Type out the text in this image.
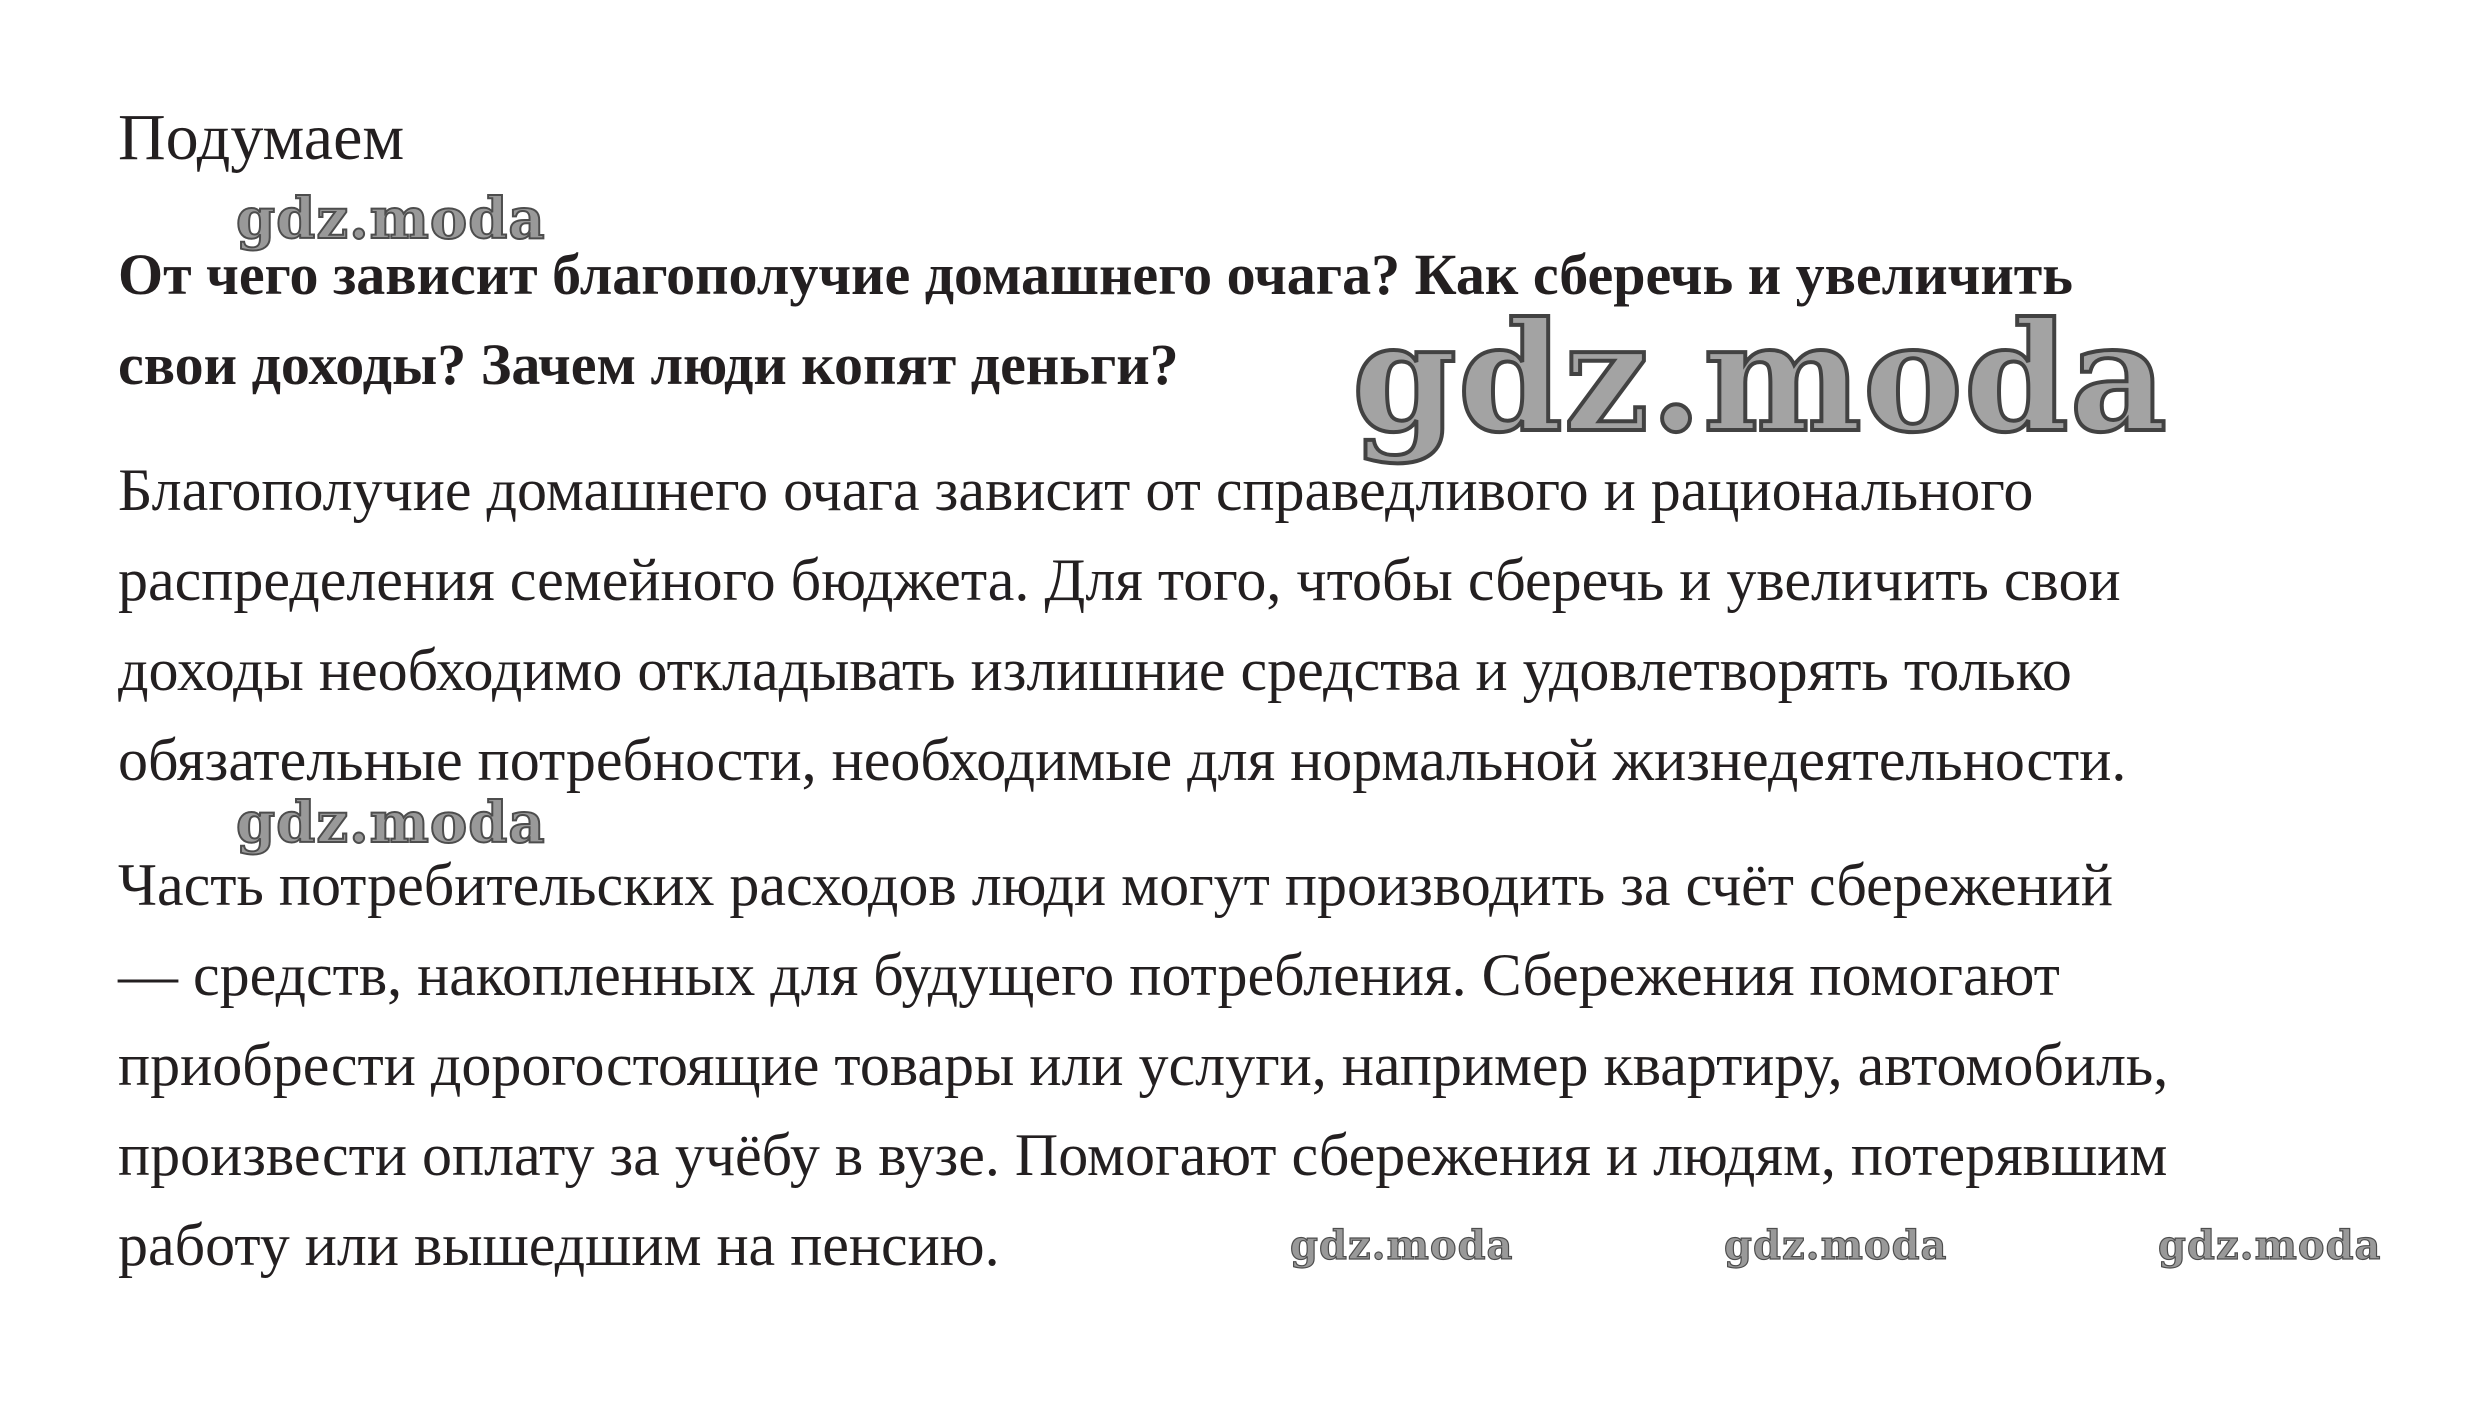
Подумаем

От чего зависит благополучие домашнего очага? Как сберечь и увеличить
свои доходы? Зачем люди копят деньги?

Благополучие домашнего очага зависит от справедливого и рационального
распределения семейного бюджета. Для того, чтобы сберечь и увеличить свои
доходы необходимо откладывать излишние средства и удовлетворять только
обязательные потребности, необходимые для нормальной жизнедеятельности.

Часть потребительских расходов люди могут производить за счёт сбережений
— средств, накопленных для будущего потребления. Сбережения помогают
приобрести дорогостоящие товары или услуги, например квартиру, автомобиль,
произвести оплату за учёбу в вузе. Помогают сбережения и людям, потерявшим
работу или вышедшим на пенсию.

gdz.moda
gdz.moda
gdz.moda
gdz.moda	gdz.moda	gdz.moda
